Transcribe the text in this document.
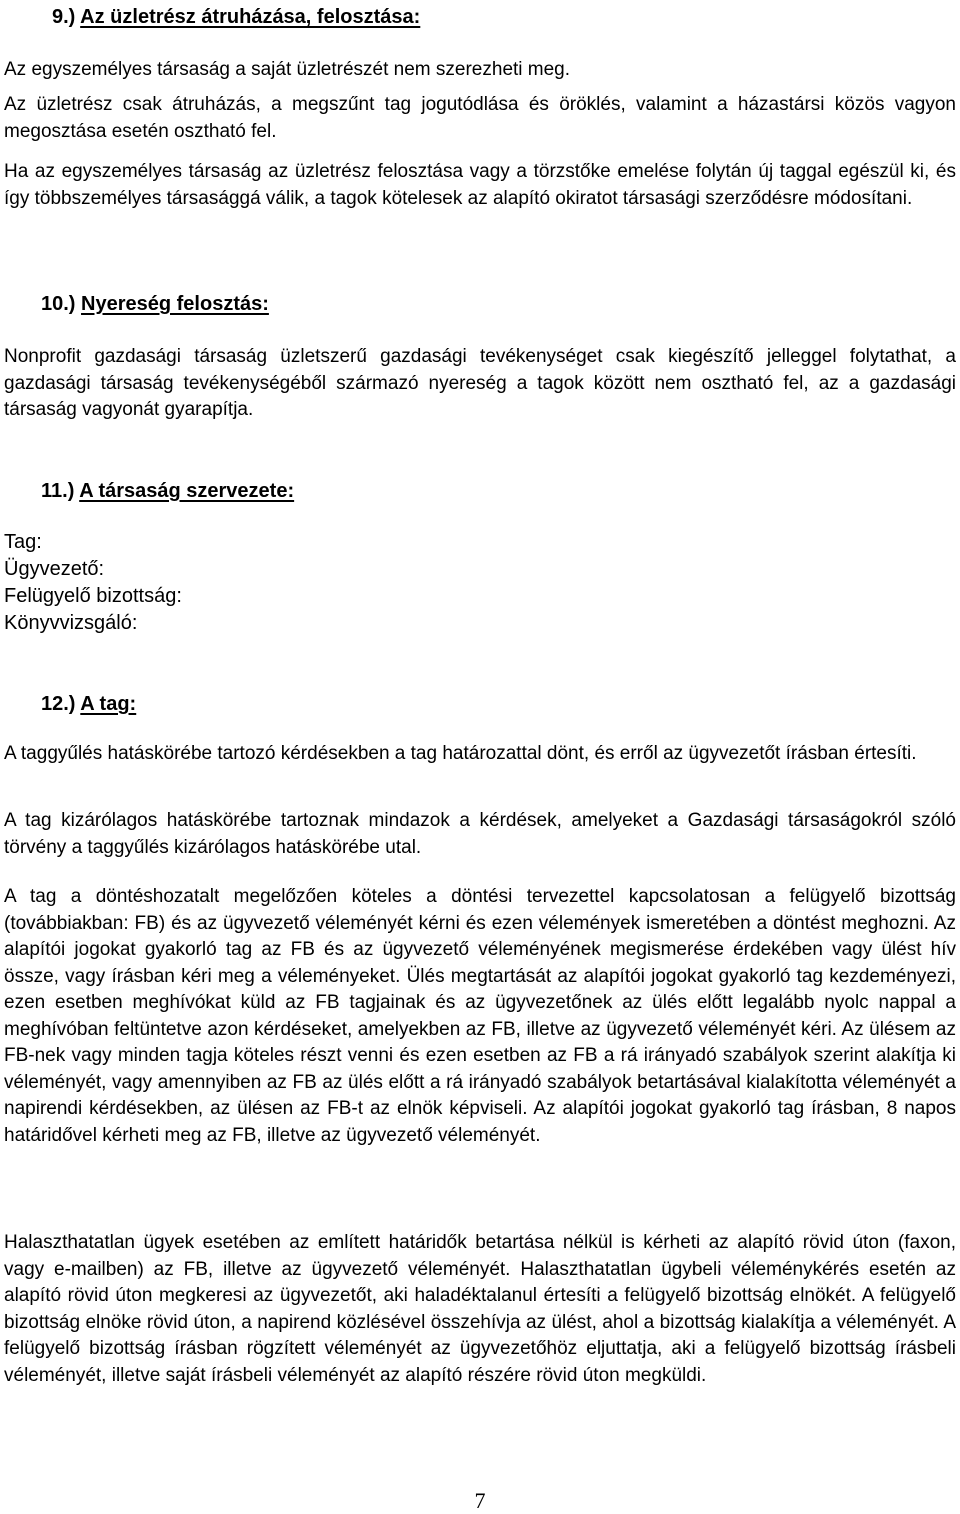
9.) Az üzletrész átruházása, felosztása:

Az egyszemélyes társaság a saját üzletrészét nem szerezheti meg.

Az üzletrész csak átruházás, a megszűnt tag jogutódlása és öröklés, valamint a házastársi közös vagyon megosztása esetén osztható fel.

Ha az egyszemélyes társaság az üzletrész felosztása vagy a törzstőke emelése folytán új taggal egészül ki, és így többszemélyes társasággá válik, a tagok kötelesek az alapító okiratot társasági szerződésre módosítani.

10.) Nyereség felosztás:

Nonprofit gazdasági társaság üzletszerű gazdasági tevékenységet csak kiegészítő jelleggel folytathat, a gazdasági társaság tevékenységéből származó nyereség a tagok között nem osztható fel, az a gazdasági társaság vagyonát gyarapítja.

11.) A társaság szervezete:

Tag:

Ügyvezető:

Felügyelő bizottság:

Könyvvizsgáló:

12.) A tag:

A taggyűlés hatáskörébe tartozó kérdésekben a tag határozattal dönt, és erről az ügyvezetőt írásban értesíti.

A tag kizárólagos hatáskörébe tartoznak mindazok a kérdések, amelyeket a Gazdasági társaságokról szóló törvény a taggyűlés kizárólagos hatáskörébe utal.

A tag a döntéshozatalt megelőzően köteles a döntési tervezettel kapcsolatosan a felügyelő bizottság (továbbiakban: FB) és az ügyvezető véleményét kérni és ezen vélemények ismeretében a döntést meghozni. Az alapítói jogokat gyakorló tag az FB és az ügyvezető véleményének megismerése érdekében vagy ülést hív össze, vagy írásban kéri meg a véleményeket. Ülés megtartását az alapítói jogokat gyakorló tag kezdeményezi, ezen esetben meghívókat küld az FB tagjainak és az ügyvezetőnek az ülés előtt legalább nyolc nappal a meghívóban feltüntetve azon kérdéseket, amelyekben az FB, illetve az ügyvezető véleményét kéri. Az ülésem az FB-nek vagy minden tagja köteles részt venni és ezen esetben az FB a rá irányadó szabályok szerint alakítja ki véleményét, vagy amennyiben az FB az ülés előtt a rá irányadó szabályok betartásával kialakította véleményét a napirendi kérdésekben, az ülésen az FB-t az elnök képviseli. Az alapítói jogokat gyakorló tag írásban, 8 napos határidővel kérheti meg az FB, illetve az ügyvezető véleményét.

Halaszthatatlan ügyek esetében az említett határidők betartása nélkül is kérheti az alapító rövid úton (faxon, vagy e-mailben) az FB, illetve az ügyvezető véleményét. Halaszthatatlan ügybeli véleménykérés esetén az alapító rövid úton megkeresi az ügyvezetőt, aki haladéktalanul értesíti a felügyelő bizottság elnökét. A felügyelő bizottság elnöke rövid úton, a napirend közlésével összehívja az ülést, ahol a bizottság kialakítja a véleményét. A felügyelő bizottság írásban rögzített véleményét az ügyvezetőhöz eljuttatja, aki a felügyelő bizottság írásbeli véleményét, illetve saját írásbeli véleményét az alapító részére rövid úton megküldi.

7
